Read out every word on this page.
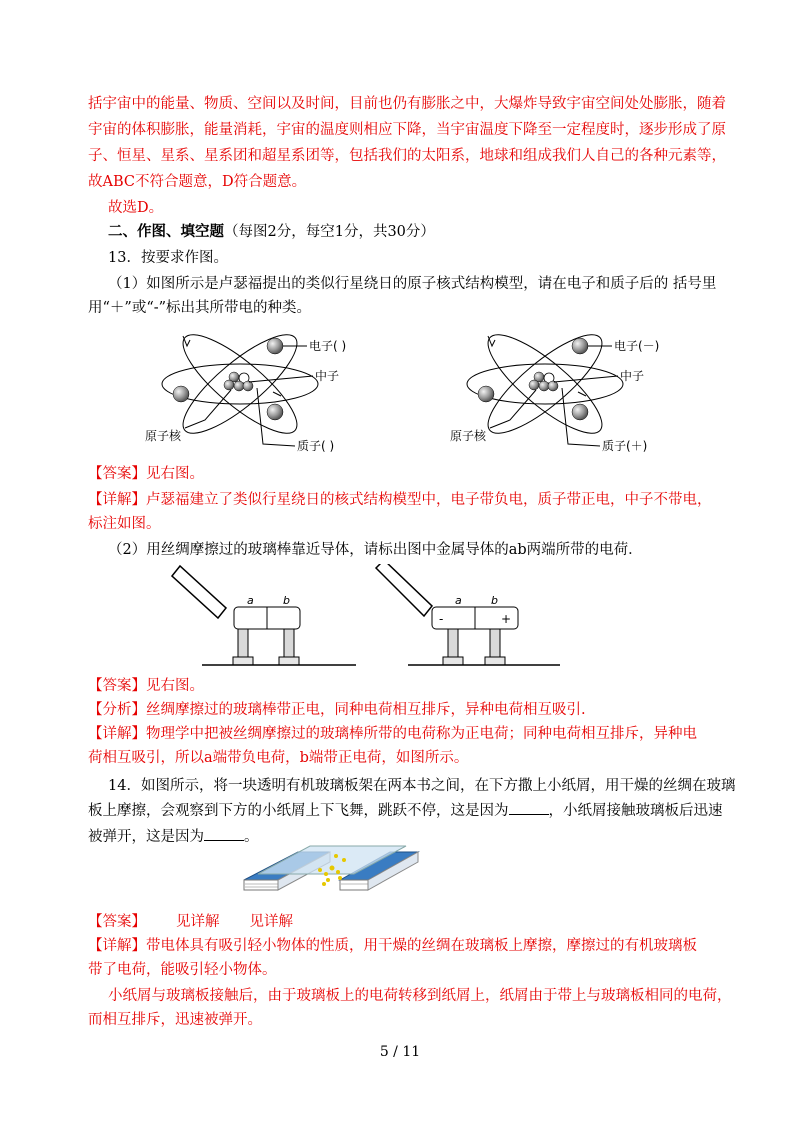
括宇宙中的能量、物质、空间以及时间，目前也仍有膨胀之中，大爆炸导致宇宙空间处处膨胀，随着
宇宙的体积膨胀，能量消耗，宇宙的温度则相应下降，当宇宙温度下降至一定程度时，逐步形成了原
子、恒星、星系、星系团和超星系团等，包括我们的太阳系，地球和组成我们人自己的各种元素等，
故ABC不符合题意，D符合题意。
故选D。
二、作图、填空题（每图2分，每空1分，共30分）
13．按要求作图。
（1）如图所示是卢瑟福提出的类似行星绕日的原子核式结构模型，请在电子和质子后的 括号里
用“＋”或“-”标出其所带电的种类。
电子( )
中子
原子核
质子( )
电子(－)
中子
原子核
质子(＋)
【答案】见右图。
【详解】卢瑟福建立了类似行星绕日的核式结构模型中，电子带负电，质子带正电，中子不带电，
标注如图。
（2）用丝绸摩擦过的玻璃棒靠近导体，请标出图中金属导体的ab两端所带的电荷．
a	b	a	b
-	+
【答案】见右图。
【分析】丝绸摩擦过的玻璃棒带正电，同种电荷相互排斥，异种电荷相互吸引.
【详解】物理学中把被丝绸摩擦过的玻璃棒所带的电荷称为正电荷；同种电荷相互排斥，异种电
荷相互吸引，所以a端带负电荷，b端带正电荷，如图所示。
14．如图所示，将一块透明有机玻璃板架在两本书之间，在下方撒上小纸屑，用干燥的丝绸在玻璃
板上摩擦，会观察到下方的小纸屑上下飞舞，跳跃不停，这是因为	，小纸屑接触玻璃板后迅速
被弹开，这是因为	。
【答案】 见详解 见详解
【详解】带电体具有吸引轻小物体的性质，用干燥的丝绸在玻璃板上摩擦，摩擦过的有机玻璃板
带了电荷，能吸引轻小物体。
小纸屑与玻璃板接触后，由于玻璃板上的电荷转移到纸屑上，纸屑由于带上与玻璃板相同的电荷，
而相互排斥，迅速被弹开。
5 / 11
